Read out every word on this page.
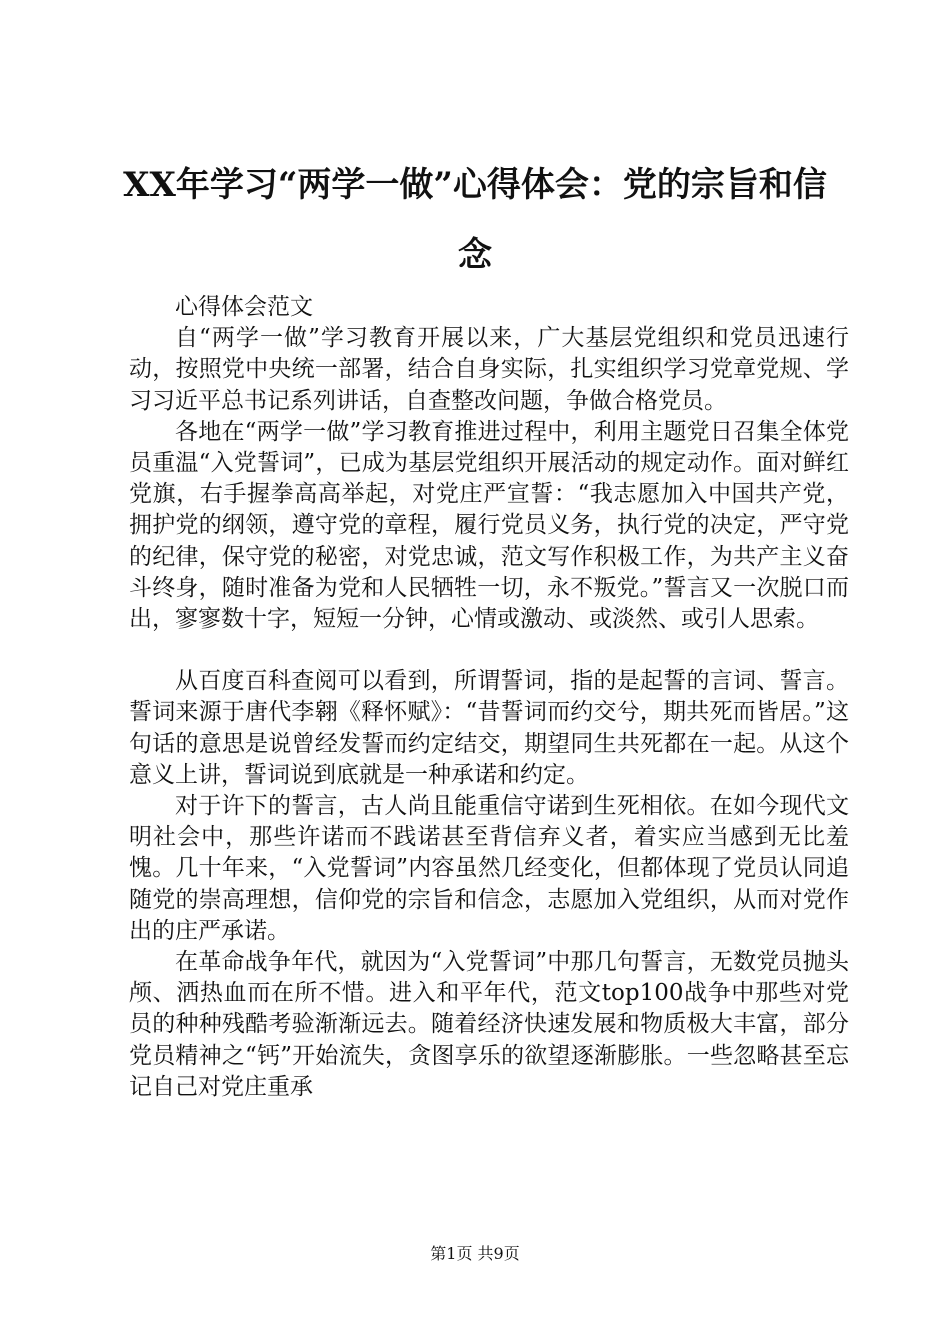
XX年学习“两学一做”心得体会：党的宗旨和信念

心得体会范文

自“两学一做”学习教育开展以来，广大基层党组织和党员迅速行动，按照党中央统一部署，结合自身实际，扎实组织学习党章党规、学习习近平总书记系列讲话，自查整改问题，争做合格党员。

各地在“两学一做”学习教育推进过程中，利用主题党日召集全体党员重温“入党誓词”，已成为基层党组织开展活动的规定动作。面对鲜红党旗，右手握拳高高举起，对党庄严宣誓：“我志愿加入中国共产党，拥护党的纲领，遵守党的章程，履行党员义务，执行党的决定，严守党的纪律，保守党的秘密，对党忠诚，范文写作积极工作，为共产主义奋斗终身，随时准备为党和人民牺牲一切，永不叛党。”誓言又一次脱口而出，寥寥数十字，短短一分钟，心情或激动、或淡然、或引人思索。

从百度百科查阅可以看到，所谓誓词，指的是起誓的言词、誓言。誓词来源于唐代李翱《释怀赋》：“昔誓词而约交兮，期共死而皆居。”这句话的意思是说曾经发誓而约定结交，期望同生共死都在一起。从这个意义上讲，誓词说到底就是一种承诺和约定。

对于许下的誓言，古人尚且能重信守诺到生死相依。在如今现代文明社会中，那些许诺而不践诺甚至背信弃义者，着实应当感到无比羞愧。几十年来，“入党誓词”内容虽然几经变化，但都体现了党员认同追随党的崇高理想，信仰党的宗旨和信念，志愿加入党组织，从而对党作出的庄严承诺。

在革命战争年代，就因为“入党誓词”中那几句誓言，无数党员抛头颅、洒热血而在所不惜。进入和平年代，范文top100战争中那些对党员的种种残酷考验渐渐远去。随着经济快速发展和物质极大丰富，部分党员精神之“钙”开始流失，贪图享乐的欲望逐渐膨胀。一些忽略甚至忘记自己对党庄重承

第1页 共9页
